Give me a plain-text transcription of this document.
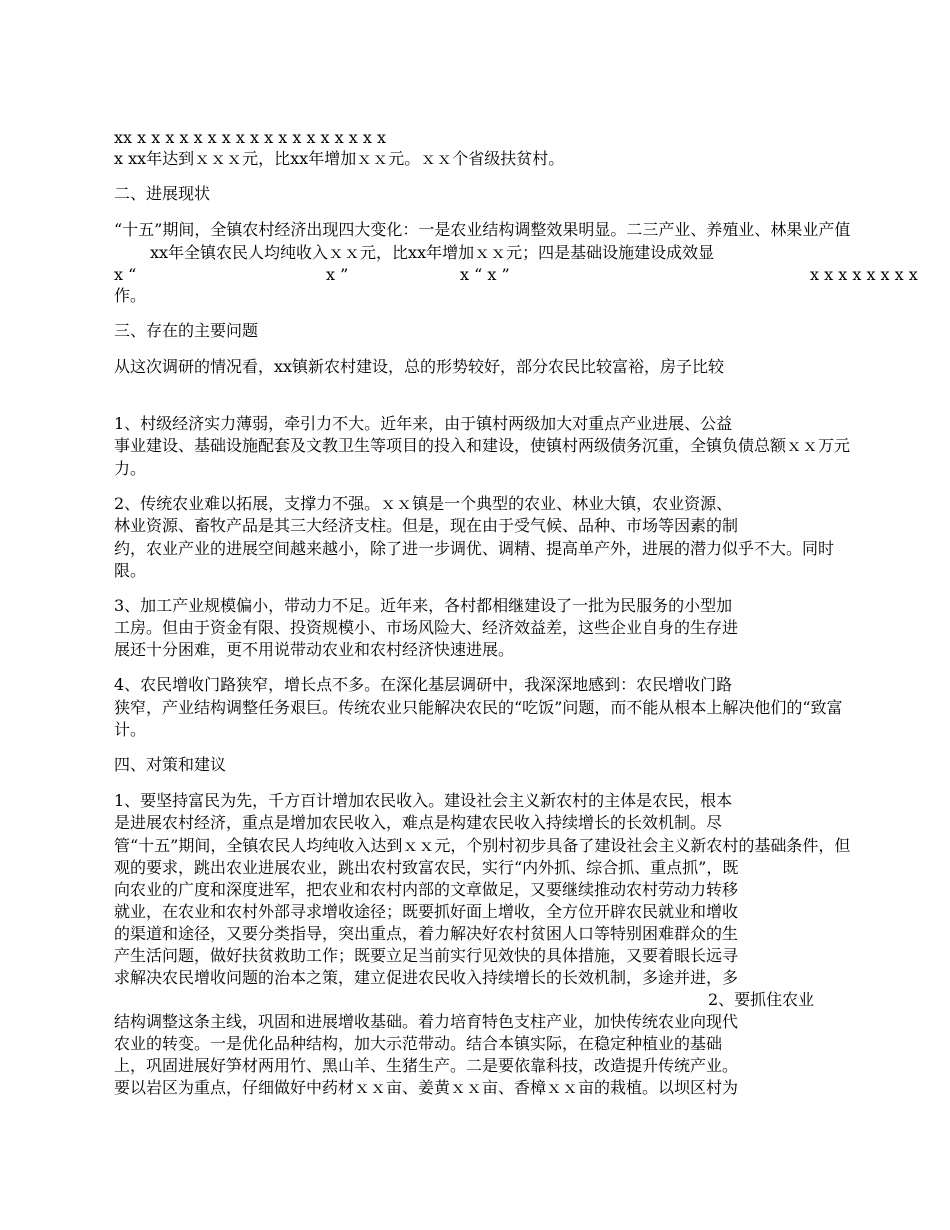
xx x x x x x x x x x x x x x x x x x x
x xx年达到ｘｘｘ元，比xx年增加ｘｘ元。ｘｘ个省级扶贫村。
二、进展现状
“十五”期间，全镇农村经济出现四大变化：一是农业结构调整效果明显。二三产业、养殖业、林果业产值
xx年全镇农民人均纯收入ｘｘ元，比xx年增加ｘｘ元；四是基础设施建设成效显
x “	x ”	x “ x ”	x x x x x x x x
作。
三、存在的主要问题
从这次调研的情况看，xx镇新农村建设，总的形势较好，部分农民比较富裕，房子比较
1、村级经济实力薄弱，牵引力不大。近年来，由于镇村两级加大对重点产业进展、公益
事业建设、基础设施配套及文教卫生等项目的投入和建设，使镇村两级债务沉重，全镇负债总额ｘｘ万元
力。
2、传统农业难以拓展，支撑力不强。ｘｘ镇是一个典型的农业、林业大镇，农业资源、
林业资源、畜牧产品是其三大经济支柱。但是，现在由于受气候、品种、市场等因素的制
约，农业产业的进展空间越来越小，除了进一步调优、调精、提高单产外，进展的潜力似乎不大。同时
限。
3、加工产业规模偏小，带动力不足。近年来，各村都相继建设了一批为民服务的小型加
工房。但由于资金有限、投资规模小、市场风险大、经济效益差，这些企业自身的生存进
展还十分困难，更不用说带动农业和农村经济快速进展。
4、农民增收门路狭窄，增长点不多。在深化基层调研中，我深深地感到：农民增收门路
狭窄，产业结构调整任务艰巨。传统农业只能解决农民的“吃饭”问题，而不能从根本上解决他们的“致富
计。
四、对策和建议
1、要坚持富民为先，千方百计增加农民收入。建设社会主义新农村的主体是农民，根本
是进展农村经济，重点是增加农民收入，难点是构建农民收入持续增长的长效机制。尽
管“十五”期间，全镇农民人均纯收入达到ｘｘ元，个别村初步具备了建设社会主义新农村的基础条件，但
观的要求，跳出农业进展农业，跳出农村致富农民，实行“内外抓、综合抓、重点抓”，既
向农业的广度和深度进军，把农业和农村内部的文章做足，又要继续推动农村劳动力转移
就业，在农业和农村外部寻求增收途径；既要抓好面上增收，全方位开辟农民就业和增收
的渠道和途径，又要分类指导，突出重点，着力解决好农村贫困人口等特别困难群众的生
产生活问题，做好扶贫救助工作；既要立足当前实行见效快的具体措施，又要着眼长远寻
求解决农民增收问题的治本之策，建立促进农民收入持续增长的长效机制，多途并进，多
2、要抓住农业
结构调整这条主线，巩固和进展增收基础。着力培育特色支柱产业，加快传统农业向现代
农业的转变。一是优化品种结构，加大示范带动。结合本镇实际，在稳定种植业的基础
上，巩固进展好笋材两用竹、黑山羊、生猪生产。二是要依靠科技，改造提升传统产业。
要以岩区为重点，仔细做好中药材ｘｘ亩、姜黄ｘｘ亩、香樟ｘｘ亩的栽植。以坝区村为
